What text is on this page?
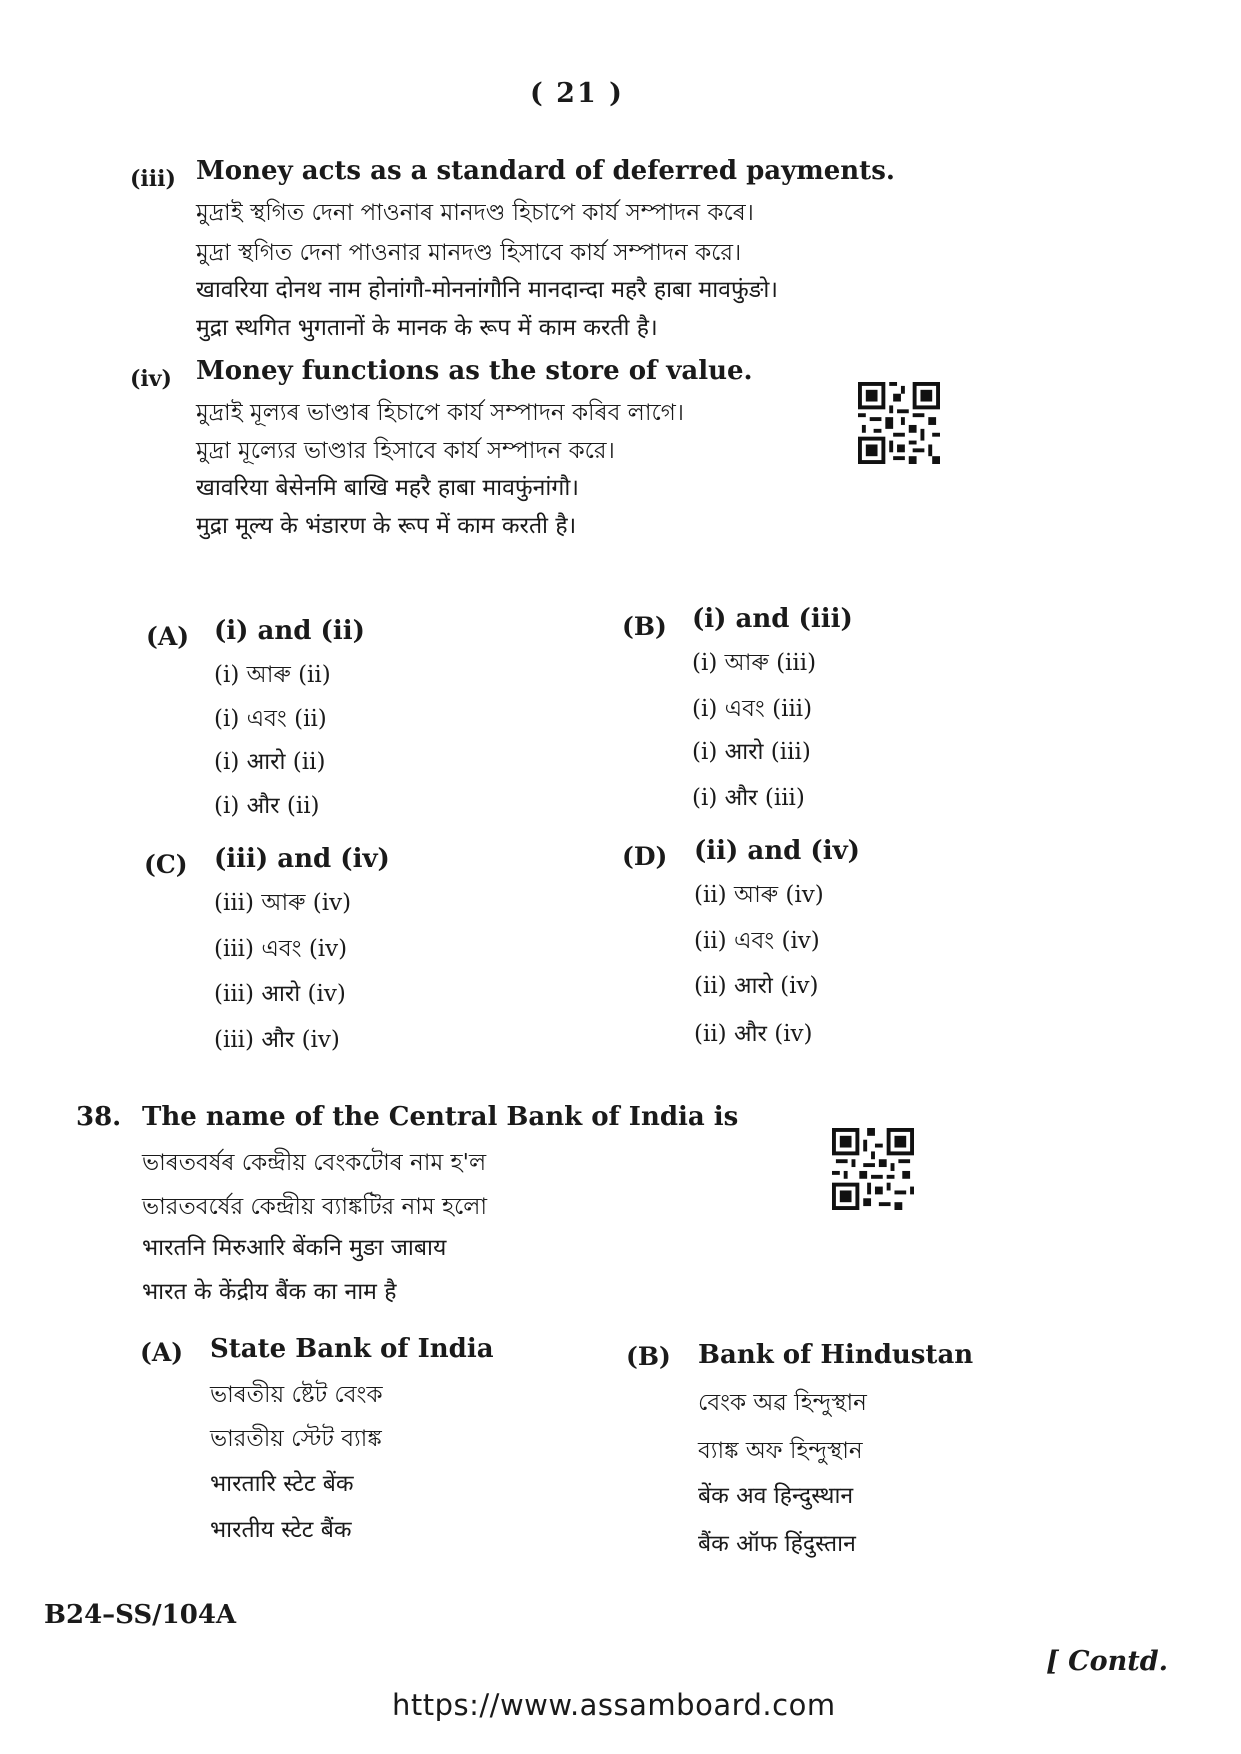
( 21 )
(iii) Money acts as a standard of deferred payments.
মুদ্ৰাই স্থগিত দেনা পাওনাৰ মানদণ্ড হিচাপে কাৰ্য সম্পাদন কৰে।
মুদ্রা স্থগিত দেনা পাওনার মানদণ্ড হিসাবে কার্য সম্পাদন করে।
खावरिया दोनथ नाम होनांगौ-मोननांगौनि मानदान्दा महरै हाबा मावफुंङो।
मुद्रा स्थगित भुगतानों के मानक के रूप में काम करती है।
(iv) Money functions as the store of value.
মুদ্ৰাই মূল্যৰ ভাণ্ডাৰ হিচাপে কাৰ্য সম্পাদন কৰিব লাগে।
মুদ্রা মূল্যের ভাণ্ডার হিসাবে কার্য সম্পাদন করে।
खावरिया बेसेनमि बाखि महरै हाबा मावफुंनांगौ।
मुद्रा मूल्य के भंडारण के रूप में काम करती है।
(A) (i) and (ii)
(i) আৰু (ii)
(i) এবং (ii)
(i) आरो (ii)
(i) और (ii)
(B) (i) and (iii)
(i) আৰু (iii)
(i) এবং (iii)
(i) आरो (iii)
(i) और (iii)
(C) (iii) and (iv)
(iii) আৰু (iv)
(iii) এবং (iv)
(iii) आरो (iv)
(iii) और (iv)
(D) (ii) and (iv)
(ii) আৰু (iv)
(ii) এবং (iv)
(ii) आरो (iv)
(ii) और (iv)
38. The name of the Central Bank of India is
ভাৰতবৰ্ষৰ কেন্দ্ৰীয় বেংকটোৰ নাম হ'ল
ভারতবর্ষের কেন্দ্রীয় ব্যাঙ্কটির নাম হলো
भारतनि मिरुआरि बेंकनि मुङा जाबाय
भारत के केंद्रीय बैंक का नाम है
(A) State Bank of India
ভাৰতীয় ষ্টেট বেংক
ভারতীয় স্টেট ব্যাঙ্ক
भारतारि स्टेट बेंक
भारतीय स्टेट बैंक
(B) Bank of Hindustan
বেংক অৱ হিন্দুস্থান
ব্যাঙ্ক অফ হিন্দুস্থান
बेंक अव हिन्दुस्थान
बैंक ऑफ हिंदुस्तान
B24–SS/104A
[ Contd.
https://www.assamboard.com
